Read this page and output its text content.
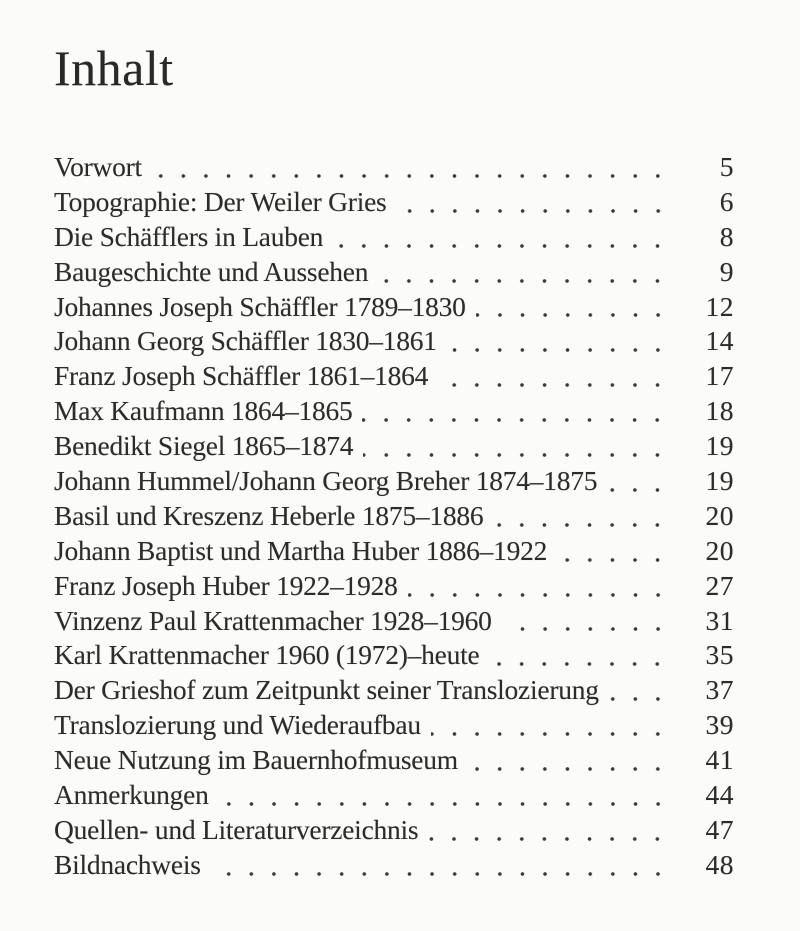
Inhalt
Vorwort	5
Topographie: Der Weiler Gries	6
Die Schäfflers in Lauben	8
Baugeschichte und Aussehen	9
Johannes Joseph Schäffler 1789–1830	12
Johann Georg Schäffler 1830–1861	14
Franz Joseph Schäffler 1861–1864	17
Max Kaufmann 1864–1865	18
Benedikt Siegel 1865–1874	19
Johann Hummel/Johann Georg Breher 1874–1875	19
Basil und Kreszenz Heberle 1875–1886	20
Johann Baptist und Martha Huber 1886–1922	20
Franz Joseph Huber 1922–1928	27
Vinzenz Paul Krattenmacher 1928–1960	31
Karl Krattenmacher 1960 (1972)–heute	35
Der Grieshof zum Zeitpunkt seiner Translozierung	37
Translozierung und Wiederaufbau	39
Neue Nutzung im Bauernhofmuseum	41
Anmerkungen	44
Quellen- und Literaturverzeichnis	47
Bildnachweis	48
